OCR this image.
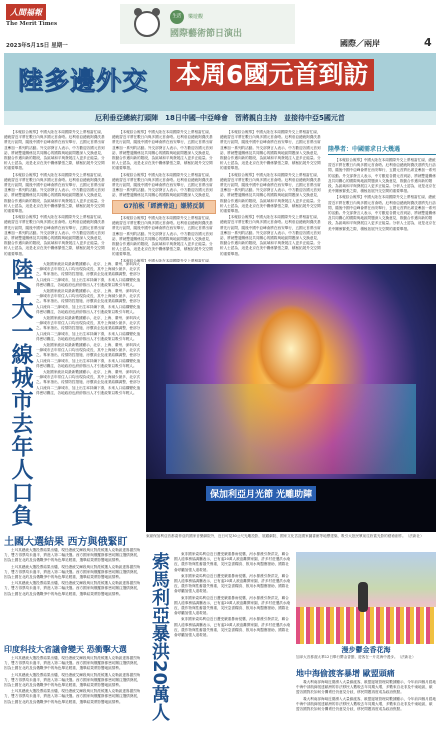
人間福報
The Merit Times
2023年5月15日 星期一
生活	樂遊觀
國際藝術節日演出
國際／兩岸	4
陸多邊外交 本周6國元首到訪
厄利垂亞總統打頭陣　18日中國─中亞峰會　習將親自主持　並接待中亞5國元首

【本報綜合報導】中國大陸在本周國際外交上將相當忙碌，總統習近平將在數日內與多國元首會晤。厄利垂亞總統阿費沃基將先行訪問，隨後中國中亞峰會將在西安舉行，五國元首將出席並參加一系列的活動。外交部發言人表示，中方歡迎各國元首到訪，將就雙邊關係及共同關心的國際與地區問題深入交換意見，推動合作邁向新的階段，為區域和平與發展注入更多正能量。分析人士認為，這是北京在美中關係緊張之際，積極拓展外交空間的重要舉措。

【本報綜合報導】中國大陸在本周國際外交上將相當忙碌，總統習近平將在數日內與多國元首會晤。厄利垂亞總統阿費沃基將先行訪問，隨後中國中亞峰會將在西安舉行，五國元首將出席並參加一系列的活動。外交部發言人表示，中方歡迎各國元首到訪，將就雙邊關係及共同關心的國際與地區問題深入交換意見，推動合作邁向新的階段，為區域和平與發展注入更多正能量。分析人士認為，這是北京在美中關係緊張之際，積極拓展外交空間的重要舉措。

【本報綜合報導】中國大陸在本周國際外交上將相當忙碌，總統習近平將在數日內與多國元首會晤。厄利垂亞總統阿費沃基將先行訪問，隨後中國中亞峰會將在西安舉行，五國元首將出席並參加一系列的活動。外交部發言人表示，中方歡迎各國元首到訪，將就雙邊關係及共同關心的國際與地區問題深入交換意見，推動合作邁向新的階段，為區域和平與發展注入更多正能量。分析人士認為，這是北京在美中關係緊張之際，積極拓展外交空間的重要舉措。

【本報綜合報導】中國大陸在本周國際外交上將相當忙碌，總統習近平將在數日內與多國元首會晤。厄利垂亞總統阿費沃基將先行訪問，隨後中國中亞峰會將在西安舉行，五國元首將出席並參加一系列的活動。外交部發言人表示，中方歡迎各國元首到訪，將就雙邊關係及共同關心的國際與地區問題深入交換意見，推動合作邁向新的階段，為區域和平與發展注入更多正能量。分析人士認為，這是北京在美中關係緊張之際，積極拓展外交空間的重要舉措。

【本報綜合報導】中國大陸在本周國際外交上將相當忙碌，總統習近平將在數日內與多國元首會晤。厄利垂亞總統阿費沃基將先行訪問，隨後中國中亞峰會將在西安舉行，五國元首將出席並參加一系列的活動。外交部發言人表示，中方歡迎各國元首到訪，將就雙邊關係及共同關心的國際與地區問題深入交換意見，

G7拍板「經濟脅迫」嫌將反制

【本報綜合報導】中國大陸在本周國際外交上將相當忙碌，總統習近平將在數日內與多國元首會晤。厄利垂亞總統阿費沃基將先行訪問，隨後中國中亞峰會將在西安舉行，五國元首將出席並參加一系列的活動。外交部發言人表示，中方歡迎各國元首到訪，將就雙邊關係及共同關心的國際與地區問題深入交換意見，推動合作邁向新的階段，為區域和平與發展注入更多正能量。分析人士認為，這是北京在美中關係緊張之際，積極拓展外交空間的重要舉措。

【本報綜合報導】中國大陸在本周國際外交上將相當忙碌，

【本報綜合報導】中國大陸在本周國際外交上將相當忙碌，總統習近平將在數日內與多國元首會晤。厄利垂亞總統阿費沃基將先行訪問，隨後中國中亞峰會將在西安舉行，五國元首將出席並參加一系列的活動。外交部發言人表示，中方歡迎各國元首到訪，將就雙邊關係及共同關心的國際與地區問題深入交換意見，推動合作邁向新的階段，為區域和平與發展注入更多正能量。分析人士認為，這是北京在美中關係緊張之際，積極拓展外交空間的重要舉措。

【本報綜合報導】中國大陸在本周國際外交上將相當忙碌，總統習近平將在數日內與多國元首會晤。厄利垂亞總統阿費沃基將先行訪問，隨後中國中亞峰會將在西安舉行，五國元首將出席並參加一系列的活動。外交部發言人表示，中方歡迎各國元首到訪，將就雙邊關係及共同關心的國際與地區問題深入交換意見，推動合作邁向新的階段，為區域和平與發展注入更多正能量。分析人士認為，這是北京在美中關係緊張之際，積極拓展外交空間的重要舉措。

【本報綜合報導】中國大陸在本周國際外交上將相當忙碌，總統習近平將在數日內與多國元首會晤。厄利垂亞總統阿費沃基將先行訪問，隨後中國中亞峰會將在西安舉行，五國元首將出席並參加一系列的活動。外交部發言人表示，中方歡迎各國元首到訪，將就雙邊關係及共同關心的國際與地區問題深入交換意見，推動合作邁向新的階段，為區域和平與發展注入更多正能量。分析人士認為，這是北京在美中關係緊張之際，積極拓展外交空間的重要舉措。

陸學者：中國需求日大幾遇

【本報綜合報導】中國大陸在本周國際外交上將相當忙碌，總統習近平將在數日內與多國元首會晤。厄利垂亞總統阿費沃基將先行訪問，隨後中國中亞峰會將在西安舉行，五國元首將出席並參加一系列的活動。外交部發言人表示，中方歡迎各國元首到訪，將就雙邊關係及共同關心的國際與地區問題深入交換意見，推動合作邁向新的階段，為區域和平與發展注入更多正能量。分析人士認為，這是北京在美中關係緊張之際，積極拓展外交空間的重要舉措。

【本報綜合報導】中國大陸在本周國際外交上將相當忙碌，總統習近平將在數日內與多國元首會晤。厄利垂亞總統阿費沃基將先行訪問，隨後中國中亞峰會將在西安舉行，五國元首將出席並參加一系列的活動。外交部發言人表示，中方歡迎各國元首到訪，將就雙邊關係及共同關心的國際與地區問題深入交換意見，推動合作邁向新的階段，為區域和平與發展注入更多正能量。分析人士認為，這是北京在美中關係緊張之際，積極拓展外交空間的重要舉措。

陸4大一線城市去年人口負

大陸國家統計局最新數據顯示，北京、上海、廣州、深圳四大一線城市去年常住人口均出現負成長，其中上海減少最多，北京次之。專家指出，疫情防控措施、房價高企及產業結構調整，使部分人口流向二三線城市，加上出生率持續下滑，未來人口結構變化值得密切關注，各地政府也紛紛推出人才引進政策以吸引年輕人。

大陸國家統計局最新數據顯示，北京、上海、廣州、深圳四大一線城市去年常住人口均出現負成長，其中上海減少最多，北京次之。專家指出，疫情防控措施、房價高企及產業結構調整，使部分人口流向二三線城市，加上出生率持續下滑，未來人口結構變化值得密切關注，各地政府也紛紛推出人才引進政策以吸引年輕人。

大陸國家統計局最新數據顯示，北京、上海、廣州、深圳四大一線城市去年常住人口均出現負成長，其中上海減少最多，北京次之。專家指出，疫情防控措施、房價高企及產業結構調整，使部分人口流向二三線城市，加上出生率持續下滑，未來人口結構變化值得密切關注，各地政府也紛紛推出人才引進政策以吸引年輕人。

大陸國家統計局最新數據顯示，北京、上海、廣州、深圳四大一線城市去年常住人口均出現負成長，其中上海減少最多，北京次之。專家指出，疫情防控措施、房價高企及產業結構調整，使部分人口流向二三線城市，加上出生率持續下滑，未來人口結構變化值得密切關注，各地政府也紛紛推出人才引進政策以吸引年輕人。

大陸國家統計局最新數據顯示，北京、上海、廣州、深圳四大一線城市去年常住人口均出現負成長，其中上海減少最多，北京次之。專家指出，疫情防控措施、房價高企及產業結構調整，使部分人口流向二三線城市，加上出生率持續下滑，未來人口結構變化值得密切關注，各地政府也紛紛推出人才引進政策以吸引年輕人。

保加利亞月光節 光雕助陣
東歐保加利亞首都索菲亞的國家音樂劇院外，近日可見30公尺光雕投影，展藏劇院、國家文化宮及國家圖書館等地標建築，吸引大批民眾前往欣賞光影的藝術創作。（法新社）
土國大選結果 西方與俄緊盯

土耳其總統大選投票結果出爐，現任總統艾爾段與反對派候選人克勒區達魯激烈角力，雙方得票均未過半，將進入第二輪決選。西方國家與俄羅斯都密切關注選情發展，因為土國在北約及烏俄戰爭中的角色舉足輕重，選舉結果將影響地區情勢。

土耳其總統大選投票結果出爐，現任總統艾爾段與反對派候選人克勒區達魯激烈角力，雙方得票均未過半，將進入第二輪決選。西方國家與俄羅斯都密切關注選情發展，因為土國在北約及烏俄戰爭中的角色舉足輕重，選舉結果將影響地區情勢。

土耳其總統大選投票結果出爐，現任總統艾爾段與反對派候選人克勒區達魯激烈角力，雙方得票均未過半，將進入第二輪決選。西方國家與俄羅斯都密切關注選情發展，因為土國在北約及烏俄戰爭中的角色舉足輕重，選舉結果將影響地區情勢。

印度科技大省議會變天 恐衝擊大選

土耳其總統大選投票結果出爐，現任總統艾爾段與反對派候選人克勒區達魯激烈角力，雙方得票均未過半，將進入第二輪決選。西方國家與俄羅斯都密切關注選情發展，因為土國在北約及烏俄戰爭中的角色舉足輕重，選舉結果將影響地區情勢。

土耳其總統大選投票結果出爐，現任總統艾爾段與反對派候選人克勒區達魯激烈角力，雙方得票均未過半，將進入第二輪決選。西方國家與俄羅斯都密切關注選情發展，因為土國在北約及烏俄戰爭中的角色舉足輕重，選舉結果將影響地區情勢。

土耳其總統大選投票結果出爐，現任總統艾爾段與反對派候選人克勒區達魯激烈角力，雙方得票均未過半，將進入第二輪決選。西方國家與俄羅斯都密切關注選情發展，因為土國在北約及烏俄戰爭中的角色舉足輕重，選舉結果將影響地區情勢。

索馬利亞暴洪20萬人

東非國家索馬利亞近日遭受嚴重暴雨侵襲，河水暴漲引發洪災，聯合國人道事務協調廳表示，已有逾20萬人被迫離開家園，許多村莊遭洪水淹沒，農作物與牲畜損失慘重，災民急需糧食、飲用水與醫療援助，國際社會呼籲加強人道救援。

東非國家索馬利亞近日遭受嚴重暴雨侵襲，河水暴漲引發洪災，聯合國人道事務協調廳表示，已有逾20萬人被迫離開家園，許多村莊遭洪水淹沒，農作物與牲畜損失慘重，災民急需糧食、飲用水與醫療援助，國際社會呼籲加強人道救援。

東非國家索馬利亞近日遭受嚴重暴雨侵襲，河水暴漲引發洪災，聯合國人道事務協調廳表示，已有逾20萬人被迫離開家園，許多村莊遭洪水淹沒，農作物與牲畜損失慘重，災民急需糧食、飲用水與醫療援助，國際社會呼籲加強人道救援。

東非國家索馬利亞近日遭受嚴重暴雨侵襲，河水暴漲引發洪災，聯合國人道事務協調廳表示，已有逾20萬人被迫離開家園，許多村莊遭洪水淹沒，農作物與牲畜損失慘重，災民急需糧食、飲用水與醫療援助，國際社會呼籲加強人道救援。

漫步鬱金香花海
加拿大首都渥太華12日舉行鬱金香節，遊客在一片花海中漫步。（法新社）
地中海偷渡客暴增 歐盟頭痛

義大利南部海域近期湧入大量偷渡客，歐盟邊境管理局數據顯示，今年前四個月經地中海中部航線抵達歐洲的非法移民人數較去年同期大增，多數來自北非及中東地區，歐盟各國對於如何分攤責任仍意見分歧，移民問題再度成為政治焦點。

義大利南部海域近期湧入大量偷渡客，歐盟邊境管理局數據顯示，今年前四個月經地中海中部航線抵達歐洲的非法移民人數較去年同期大增，多數來自北非及中東地區，歐盟各國對於如何分攤責任仍意見分歧，移民問題再度成為政治焦點。
